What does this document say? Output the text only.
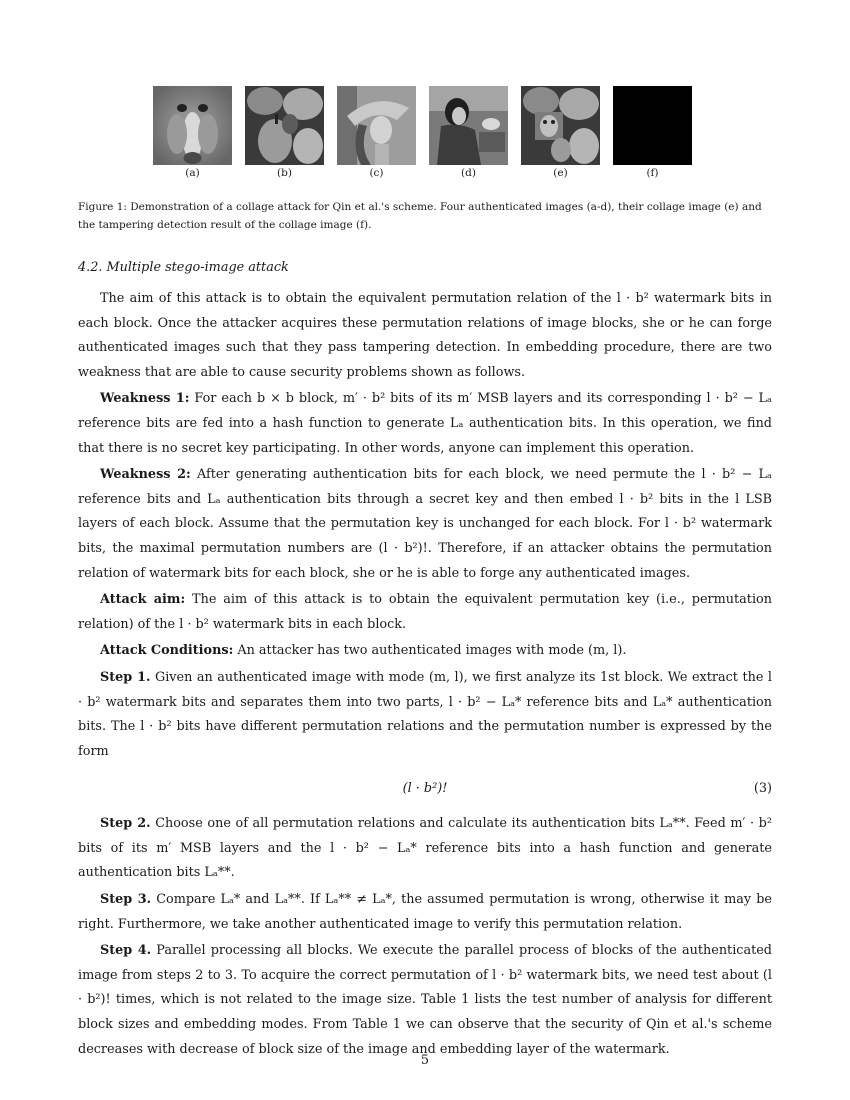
(a)	(b)	(c)	(d)	(e)	(f)
Figure 1: Demonstration of a collage attack for Qin et al.'s scheme. Four authenticated images (a-d), their collage image (e) and the tampering detection result of the collage image (f).
4.2. Multiple stego-image attack

The aim of this attack is to obtain the equivalent permutation relation of the l · b² watermark bits in each block. Once the attacker acquires these permutation relations of image blocks, she or he can forge authenticated images such that they pass tampering detection. In embedding procedure, there are two weakness that are able to cause security problems shown as follows.

Weakness 1: For each b × b block, m′ · b² bits of its m′ MSB layers and its corresponding l · b² − Lₐ reference bits are fed into a hash function to generate Lₐ authentication bits. In this operation, we find that there is no secret key participating. In other words, anyone can implement this operation.

Weakness 2: After generating authentication bits for each block, we need permute the l · b² − Lₐ reference bits and Lₐ authentication bits through a secret key and then embed l · b² bits in the l LSB layers of each block. Assume that the permutation key is unchanged for each block. For l · b² watermark bits, the maximal permutation numbers are (l · b²)!. Therefore, if an attacker obtains the permutation relation of watermark bits for each block, she or he is able to forge any authenticated images.

Attack aim: The aim of this attack is to obtain the equivalent permutation key (i.e., permutation relation) of the l · b² watermark bits in each block.

Attack Conditions: An attacker has two authenticated images with mode (m, l).

Step 1. Given an authenticated image with mode (m, l), we first analyze its 1st block. We extract the l · b² watermark bits and separates them into two parts, l · b² − Lₐ* reference bits and Lₐ* authentication bits. The l · b² bits have different permutation relations and the permutation number is expressed by the form

(l · b²)!	(3)

Step 2. Choose one of all permutation relations and calculate its authentication bits Lₐ**. Feed m′ · b² bits of its m′ MSB layers and the l · b² − Lₐ* reference bits into a hash function and generate authentication bits Lₐ**.

Step 3. Compare Lₐ* and Lₐ**. If Lₐ** ≠ Lₐ*, the assumed permutation is wrong, otherwise it may be right. Furthermore, we take another authenticated image to verify this permutation relation.

Step 4. Parallel processing all blocks. We execute the parallel process of blocks of the authenticated image from steps 2 to 3. To acquire the correct permutation of l · b² watermark bits, we need test about (l · b²)! times, which is not related to the image size. Table 1 lists the test number of analysis for different block sizes and embedding modes. From Table 1 we can observe that the security of Qin et al.'s scheme decreases with decrease of block size of the image and embedding layer of the watermark.

5
